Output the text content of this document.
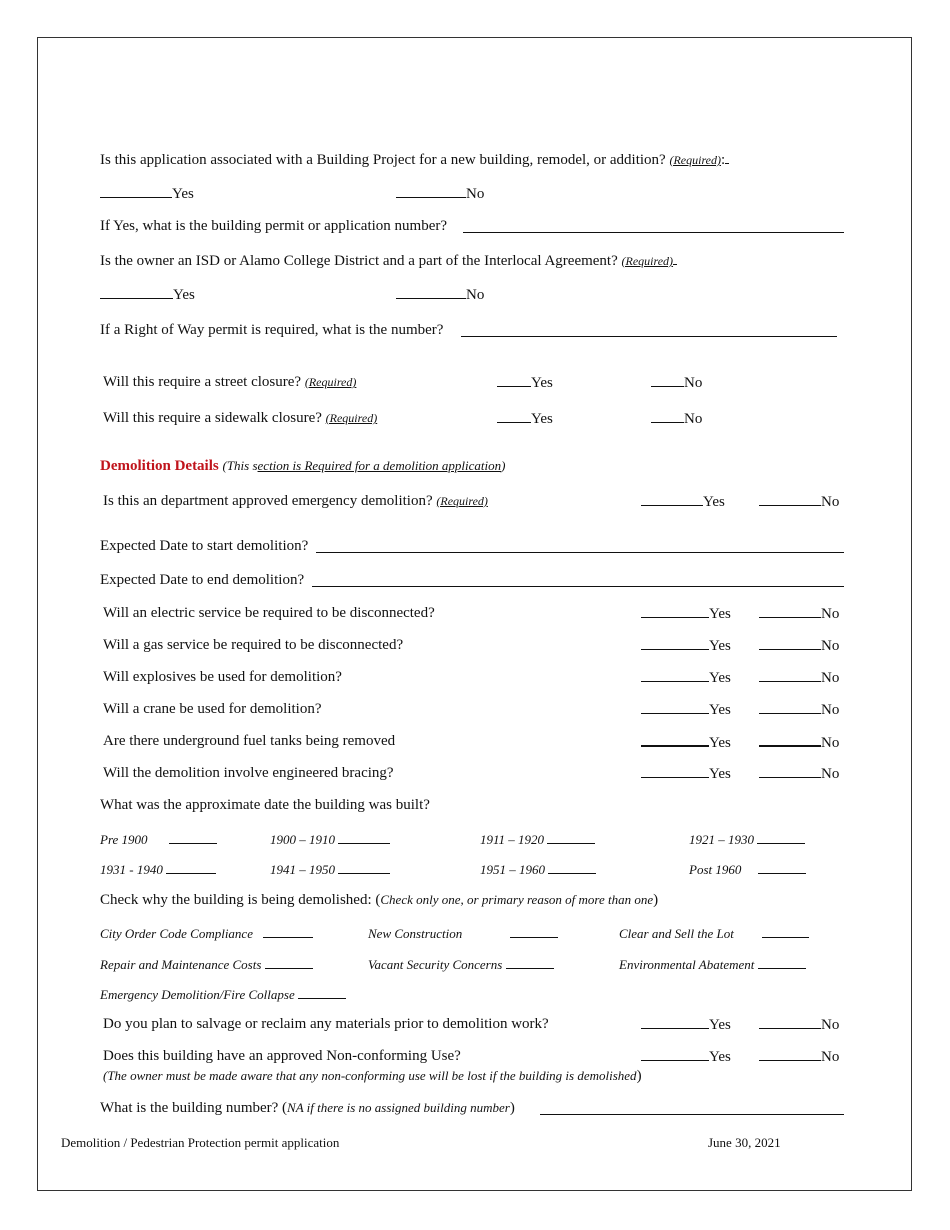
Is this application associated with a Building Project for a new building, remodel, or addition? (Required):
Yes	No
If Yes, what is the building permit or application number?
Is the owner an ISD or Alamo College District and a part of the Interlocal Agreement? (Required)
Yes	No
If a Right of Way permit is required, what is the number?
Will this require a street closure? (Required)	Yes	No
Will this require a sidewalk closure? (Required)	Yes	No
Demolition Details (This section is Required for a demolition application)
Is this an department approved emergency demolition? (Required)	Yes	No
Expected Date to start demolition?
Expected Date to end demolition?
Will an electric service be required to be disconnected?	Yes	No
Will a gas service be required to be disconnected?	Yes	No
Will explosives be used for demolition?	Yes	No
Will a crane be used for demolition?	Yes	No
Are there underground fuel tanks being removed	Yes	No
Will the demolition involve engineered bracing?	Yes	No
What was the approximate date the building was built?
Pre 1900	1900 – 1910	1911 – 1920	1921 – 1930
1931 - 1940	1941 – 1950	1951 – 1960	Post 1960
Check why the building is being demolished: (Check only one, or primary reason of more than one)
City Order Code Compliance	New Construction	Clear and Sell the Lot
Repair and Maintenance Costs	Vacant Security Concerns	Environmental Abatement
Emergency Demolition/Fire Collapse
Do you plan to salvage or reclaim any materials prior to demolition work?	Yes	No
Does this building have an approved Non-conforming Use?	Yes	No
(The owner must be made aware that any non-conforming use will be lost if the building is demolished)
What is the building number? (NA if there is no assigned building number)
Demolition / Pedestrian Protection permit application	June 30, 2021
